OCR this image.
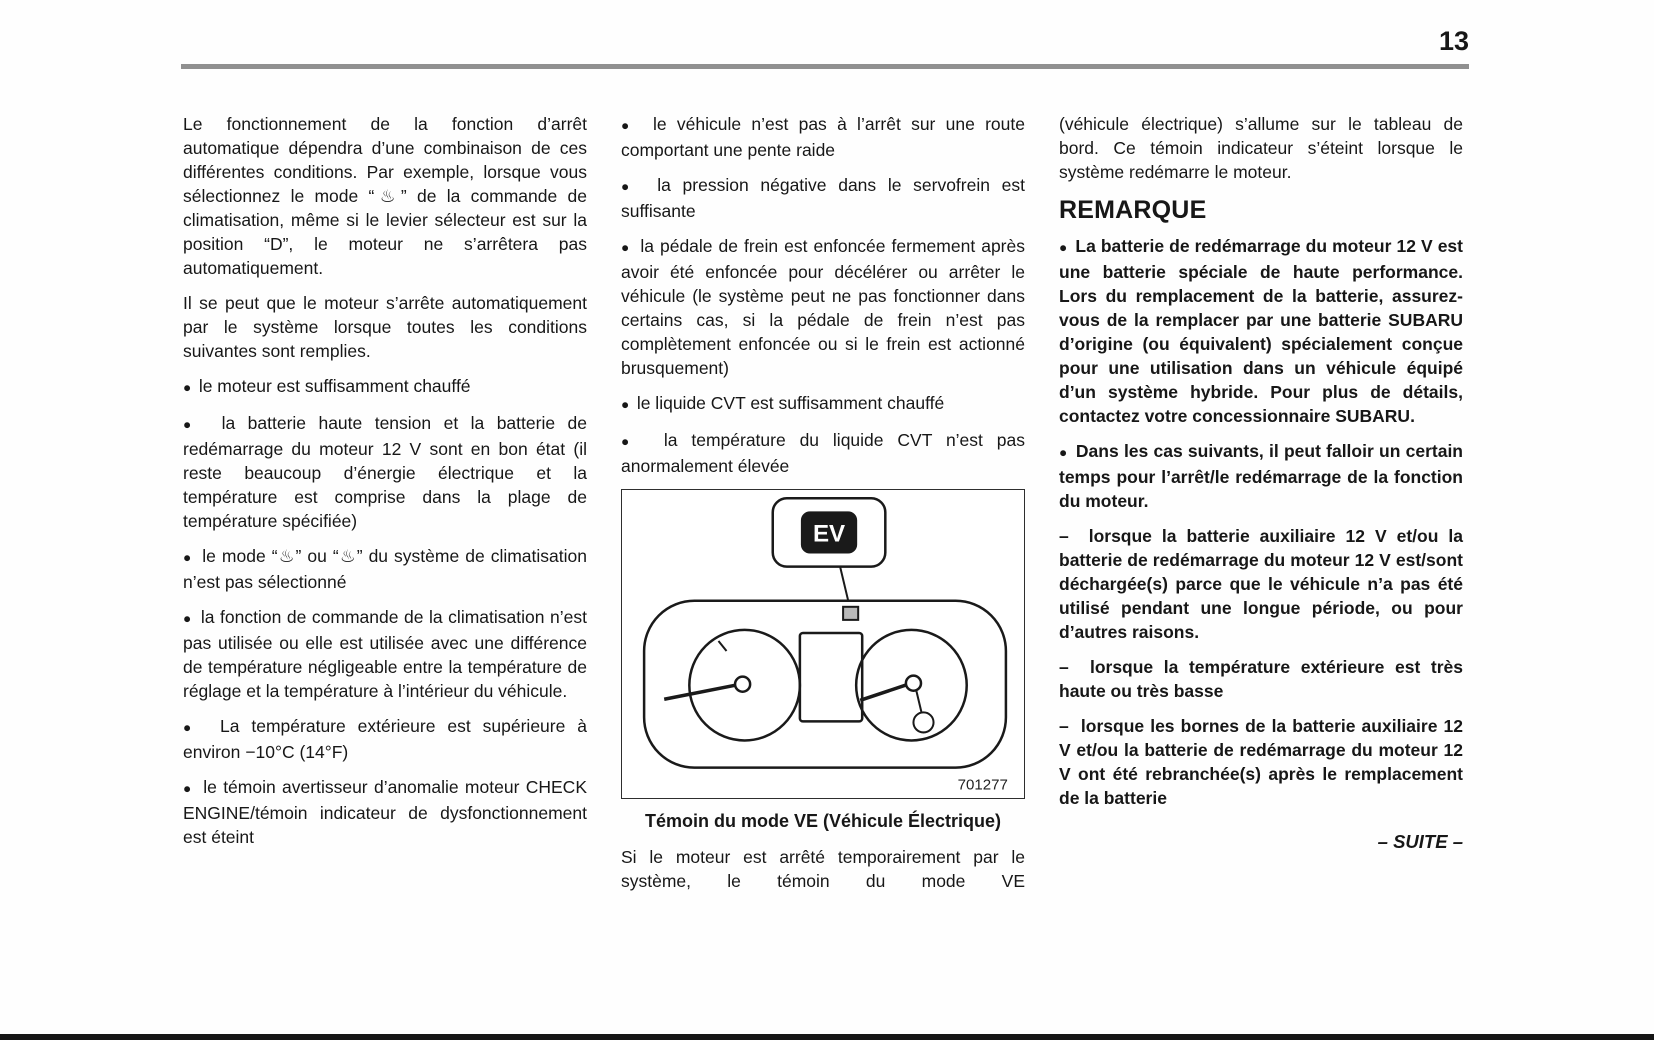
13

Le fonctionnement de la fonction d’arrêt automatique dépendra d’une combinaison de ces différentes conditions. Par exemple, lorsque vous sélectionnez le mode “♨” de la commande de climatisation, même si le levier sélecteur est sur la position “D”, le moteur ne s’arrêtera pas automatiquement.

Il se peut que le moteur s’arrête automatiquement par le système lorsque toutes les conditions suivantes sont remplies.

●  le moteur est suffisamment chauffé

●  la batterie haute tension et la batterie de redémarrage du moteur 12 V sont en bon état (il reste beaucoup d’énergie électrique et la température est comprise dans la plage de température spécifiée)

●  le mode “♨” ou “♨” du système de climatisation n’est pas sélectionné

●  la fonction de commande de la climatisation n’est pas utilisée ou elle est utilisée avec une différence de température négligeable entre la température de réglage et la température à l’intérieur du véhicule.

●  La température extérieure est supérieure à environ −10°C (14°F)

●  le témoin avertisseur d’anomalie moteur CHECK ENGINE/témoin indicateur de dysfonctionnement est éteint

●  le véhicule n’est pas à l’arrêt sur une route comportant une pente raide

●  la pression négative dans le servofrein est suffisante

●  la pédale de frein est enfoncée fermement après avoir été enfoncée pour décélérer ou arrêter le véhicule (le système peut ne pas fonctionner dans certains cas, si la pédale de frein n’est pas complètement enfoncée ou si le frein est actionné brusquement)

●  le liquide CVT est suffisamment chauffé

●  la température du liquide CVT n’est pas anormalement élevée

EV
701277
Témoin du mode VE (Véhicule Électrique)

Si le moteur est arrêté temporairement par le système, le témoin du mode VE

(véhicule électrique) s’allume sur le tableau de bord. Ce témoin indicateur s’éteint lorsque le système redémarre le moteur.

REMARQUE

●  La batterie de redémarrage du moteur 12 V est une batterie spéciale de haute performance. Lors du remplacement de la batterie, assurez-vous de la remplacer par une batterie SUBARU d’origine (ou équivalent) spécialement conçue pour une utilisation dans un véhicule équipé d’un système hybride. Pour plus de détails, contactez votre concessionnaire SUBARU.

●  Dans les cas suivants, il peut falloir un certain temps pour l’arrêt/le redémarrage de la fonction du moteur.

–  lorsque la batterie auxiliaire 12 V et/ou la batterie de redémarrage du moteur 12 V est/sont déchargée(s) parce que le véhicule n’a pas été utilisé pendant une longue période, ou pour d’autres raisons.

–  lorsque la température extérieure est très haute ou très basse

–  lorsque les bornes de la batterie auxiliaire 12 V et/ou la batterie de redémarrage du moteur 12 V ont été rebranchée(s) après le remplacement de la batterie

– SUITE –
